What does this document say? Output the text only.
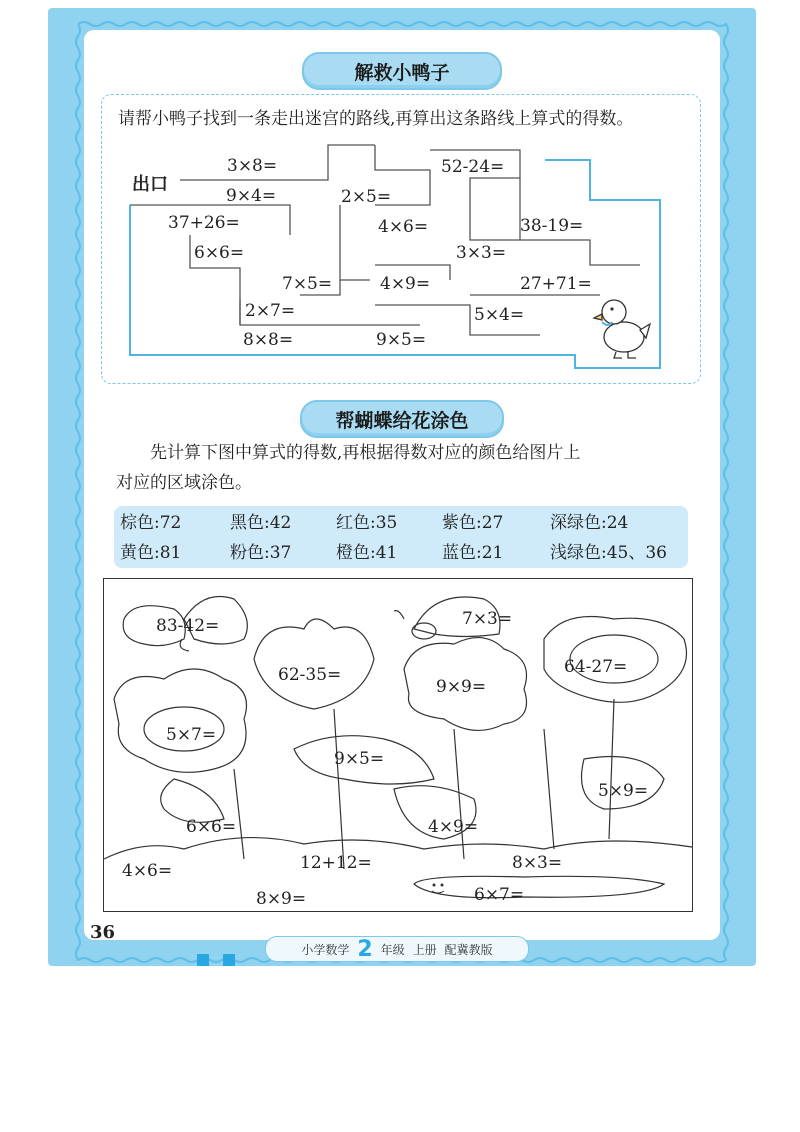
解救小鸭子
请帮小鸭子找到一条走出迷宫的路线,再算出这条路线上算式的得数。
出口
3×8=
9×4=
37+26=
6×6=
2×5=
52-24=
4×6=	38-19=
3×3=
7×5=	4×9=	27+71=
2×7=	5×4=
8×8=	9×5=
帮蝴蝶给花涂色

先计算下图中算式的得数,再根据得数对应的颜色给图片上

对应的区域涂色。
棕色:72	黑色:42	红色:35	紫色:27	深绿色:24
黄色:81	粉色:37	橙色:41	蓝色:21	浅绿色:45、36
83-42=	7×3=
62-35=
9×9=
64-27=
5×7=
9×5=
5×9=
6×6=	4×9=
4×6=	12+12=	8×3=
8×9=	6×7=
36
小学数学 2 年级 上册 配冀教版
